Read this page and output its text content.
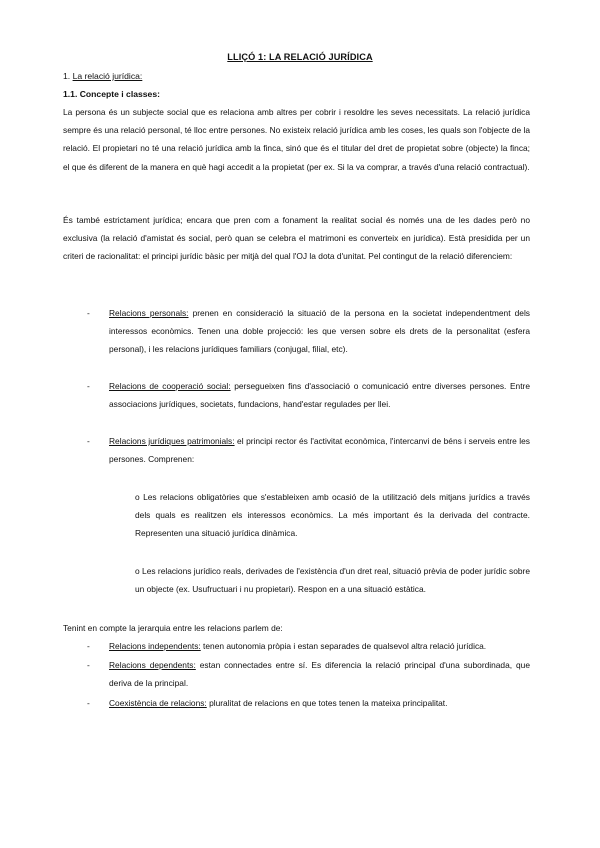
LLIÇÓ 1: LA RELACIÓ JURÍDICA
1. La relació jurídica:
1.1. Concepte i classes:

La persona és un subjecte social que es relaciona amb altres per cobrir i resoldre les seves necessitats. La relació jurídica sempre és una relació personal, té lloc entre persones. No existeix relació jurídica amb les coses, les quals son l'objecte de la relació. El propietari no té una relació jurídica amb la finca, sinó que és el titular del dret de propietat sobre (objecte) la finca; el que és diferent de la manera en què hagi accedit a la propietat (per ex. Si la va comprar, a través d'una relació contractual).

És també estrictament jurídica; encara que pren com a fonament la realitat social és només una de les dades però no exclusiva (la relació d'amistat és social, però quan se celebra el matrimoni es converteix en jurídica). Està presidida per un criteri de racionalitat: el principi jurídic bàsic per mitjà del qual l'OJ la dota d'unitat. Pel contingut de la relació diferenciem:

- Relacions personals: prenen en consideració la situació de la persona en la societat independentment dels interessos econòmics. Tenen una doble projecció: les que versen sobre els drets de la personalitat (esfera personal), i les relacions jurídiques familiars (conjugal, filial, etc).
- Relacions de cooperació social: persegueixen fins d'associació o comunicació entre diverses persones. Entre associacions jurídiques, societats, fundacions, hand'estar regulades per llei.
- Relacions jurídiques patrimonials: el principi rector és l'activitat econòmica, l'intercanvi de béns i serveis entre les persones. Comprenen:

o Les relacions obligatòries que s'estableixen amb ocasió de la utilització dels mitjans jurídics a través dels quals es realitzen els interessos econòmics. La més important és la derivada del contracte. Representen una situació jurídica dinàmica.

o Les relacions jurídico reals, derivades de l'existència d'un dret real, situació prèvia de poder jurídic sobre un objecte (ex. Usufructuari i nu propietari). Respon en a una situació estàtica.

Tenint en compte la jerarquia entre les relacions parlem de:

- Relacions independents: tenen autonomia pròpia i estan separades de qualsevol altra relació jurídica.
- Relacions dependents: estan connectades entre sí. Es diferencia la relació principal d'una subordinada, que deriva de la principal.
- Coexistència de relacions: pluralitat de relacions en que totes tenen la mateixa principalitat.
